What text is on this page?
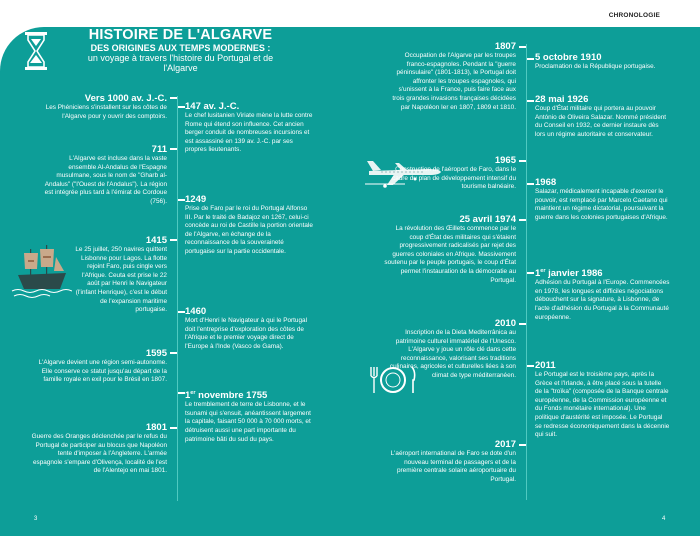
CHRONOLOGIE
HISTOIRE DE L'ALGARVE
DES ORIGINES AUX TEMPS MODERNES :

un voyage à travers l'histoire du Portugal et de l'Algarve

Vers 1000 av. J.-C.

Les Phéniciens s'installent sur les côtes de l'Algarve pour y ouvrir des comptoirs.

711

L'Algarve est incluse dans la vaste ensemble Al-Andalus de l'Espagne musulmane, sous le nom de "Gharb al-Andalus" ("l'Ouest de l'Andalus"). La région est intégrée plus tard à l'émirat de Cordoue (756).

1415

Le 25 juillet, 250 navires quittent Lisbonne pour Lagos. La flotte rejoint Faro, puis cingle vers l'Afrique. Ceuta est prise le 22 août par Henri le Navigateur (l'infant Henrique), c'est le début de l'expansion maritime portugaise.

1595

L'Algarve devient une région semi-autonome. Elle conserve ce statut jusqu'au départ de la famille royale en exil pour le Brésil en 1807.

1801

Guerre des Oranges déclenchée par le refus du Portugal de participer au blocus que Napoléon tente d'imposer à l'Angleterre. L'armée espagnole s'empare d'Olivença, localité de l'est de l'Alentejo en mai 1801.

147 av. J.-C.

Le chef lusitanien Viriate mène la lutte contre Rome qui étend son influence. Cet ancien berger conduit de nombreuses incursions et est assassiné en 139 av. J.-C. par ses propres lieutenants.

1249

Prise de Faro par le roi du Portugal Alfonso III. Par le traité de Badajoz en 1267, celui-ci concède au roi de Castille la portion orientale de l'Algarve, en échange de la reconnaissance de la souveraineté portugaise sur la partie occidentale.

1460

Mort d'Henri le Navigateur à qui le Portugal doit l'entreprise d'exploration des côtes de l'Afrique et le premier voyage direct de l'Europe à l'Inde (Vasco de Gama).

1er novembre 1755

Le tremblement de terre de Lisbonne, et le tsunami qui s'ensuit, anéantissent largement la capitale, faisant 50 000 à 70 000 morts, et détruisent aussi une part importante du patrimoine bâti du sud du pays.

1807

Occupation de l'Algarve par les troupes franco-espagnoles. Pendant la "guerre péninsulaire" (1801-1813), le Portugal doit affronter les troupes espagnoles, qui s'unissent à la France, puis faire face aux trois grandes invasions françaises décidées par Napoléon Ier en 1807, 1809 et 1810.

1965

Construction de l'aéroport de Faro, dans le cadre du plan de développement intensif du tourisme balnéaire.

25 avril 1974

La révolution des Œillets commence par le coup d'État des militaires qui s'étaient progressivement radicalisés par rejet des guerres coloniales en Afrique. Massivement soutenu par le peuple portugais, le coup d'État permet l'instauration de la démocratie au Portugal.

2010

Inscription de la Dieta Mediterrânica au patrimoine culturel immatériel de l'Unesco. L'Algarve y joue un rôle clé dans cette reconnaissance, valorisant ses traditions culinaires, agricoles et culturelles liées à son climat de type méditerranéen.

2017

L'aéroport international de Faro se dote d'un nouveau terminal de passagers et de la première centrale solaire aéroportuaire du Portugal.

5 octobre 1910

Proclamation de la République portugaise.

28 mai 1926

Coup d'État militaire qui portera au pouvoir António de Oliveira Salazar. Nommé président du Conseil en 1932, ce dernier instaure dès lors un régime autoritaire et conservateur.

1968

Salazar, médicalement incapable d'exercer le pouvoir, est remplacé par Marcelo Caetano qui maintient un régime dictatorial, poursuivant la guerre dans les colonies portugaises d'Afrique.

1er janvier 1986

Adhésion du Portugal à l'Europe. Commencées en 1978, les longues et difficiles négociations débouchent sur la signature, à Lisbonne, de l'acte d'adhésion du Portugal à la Communauté européenne.

2011

Le Portugal est le troisième pays, après la Grèce et l'Irlande, à être placé sous la tutelle de la "troïka" (composée de la Banque centrale européenne, de la Commission européenne et du Fonds monétaire international). Une politique d'austérité est imposée. Le Portugal se redresse économiquement dans la décennie qui suit.

3	4
